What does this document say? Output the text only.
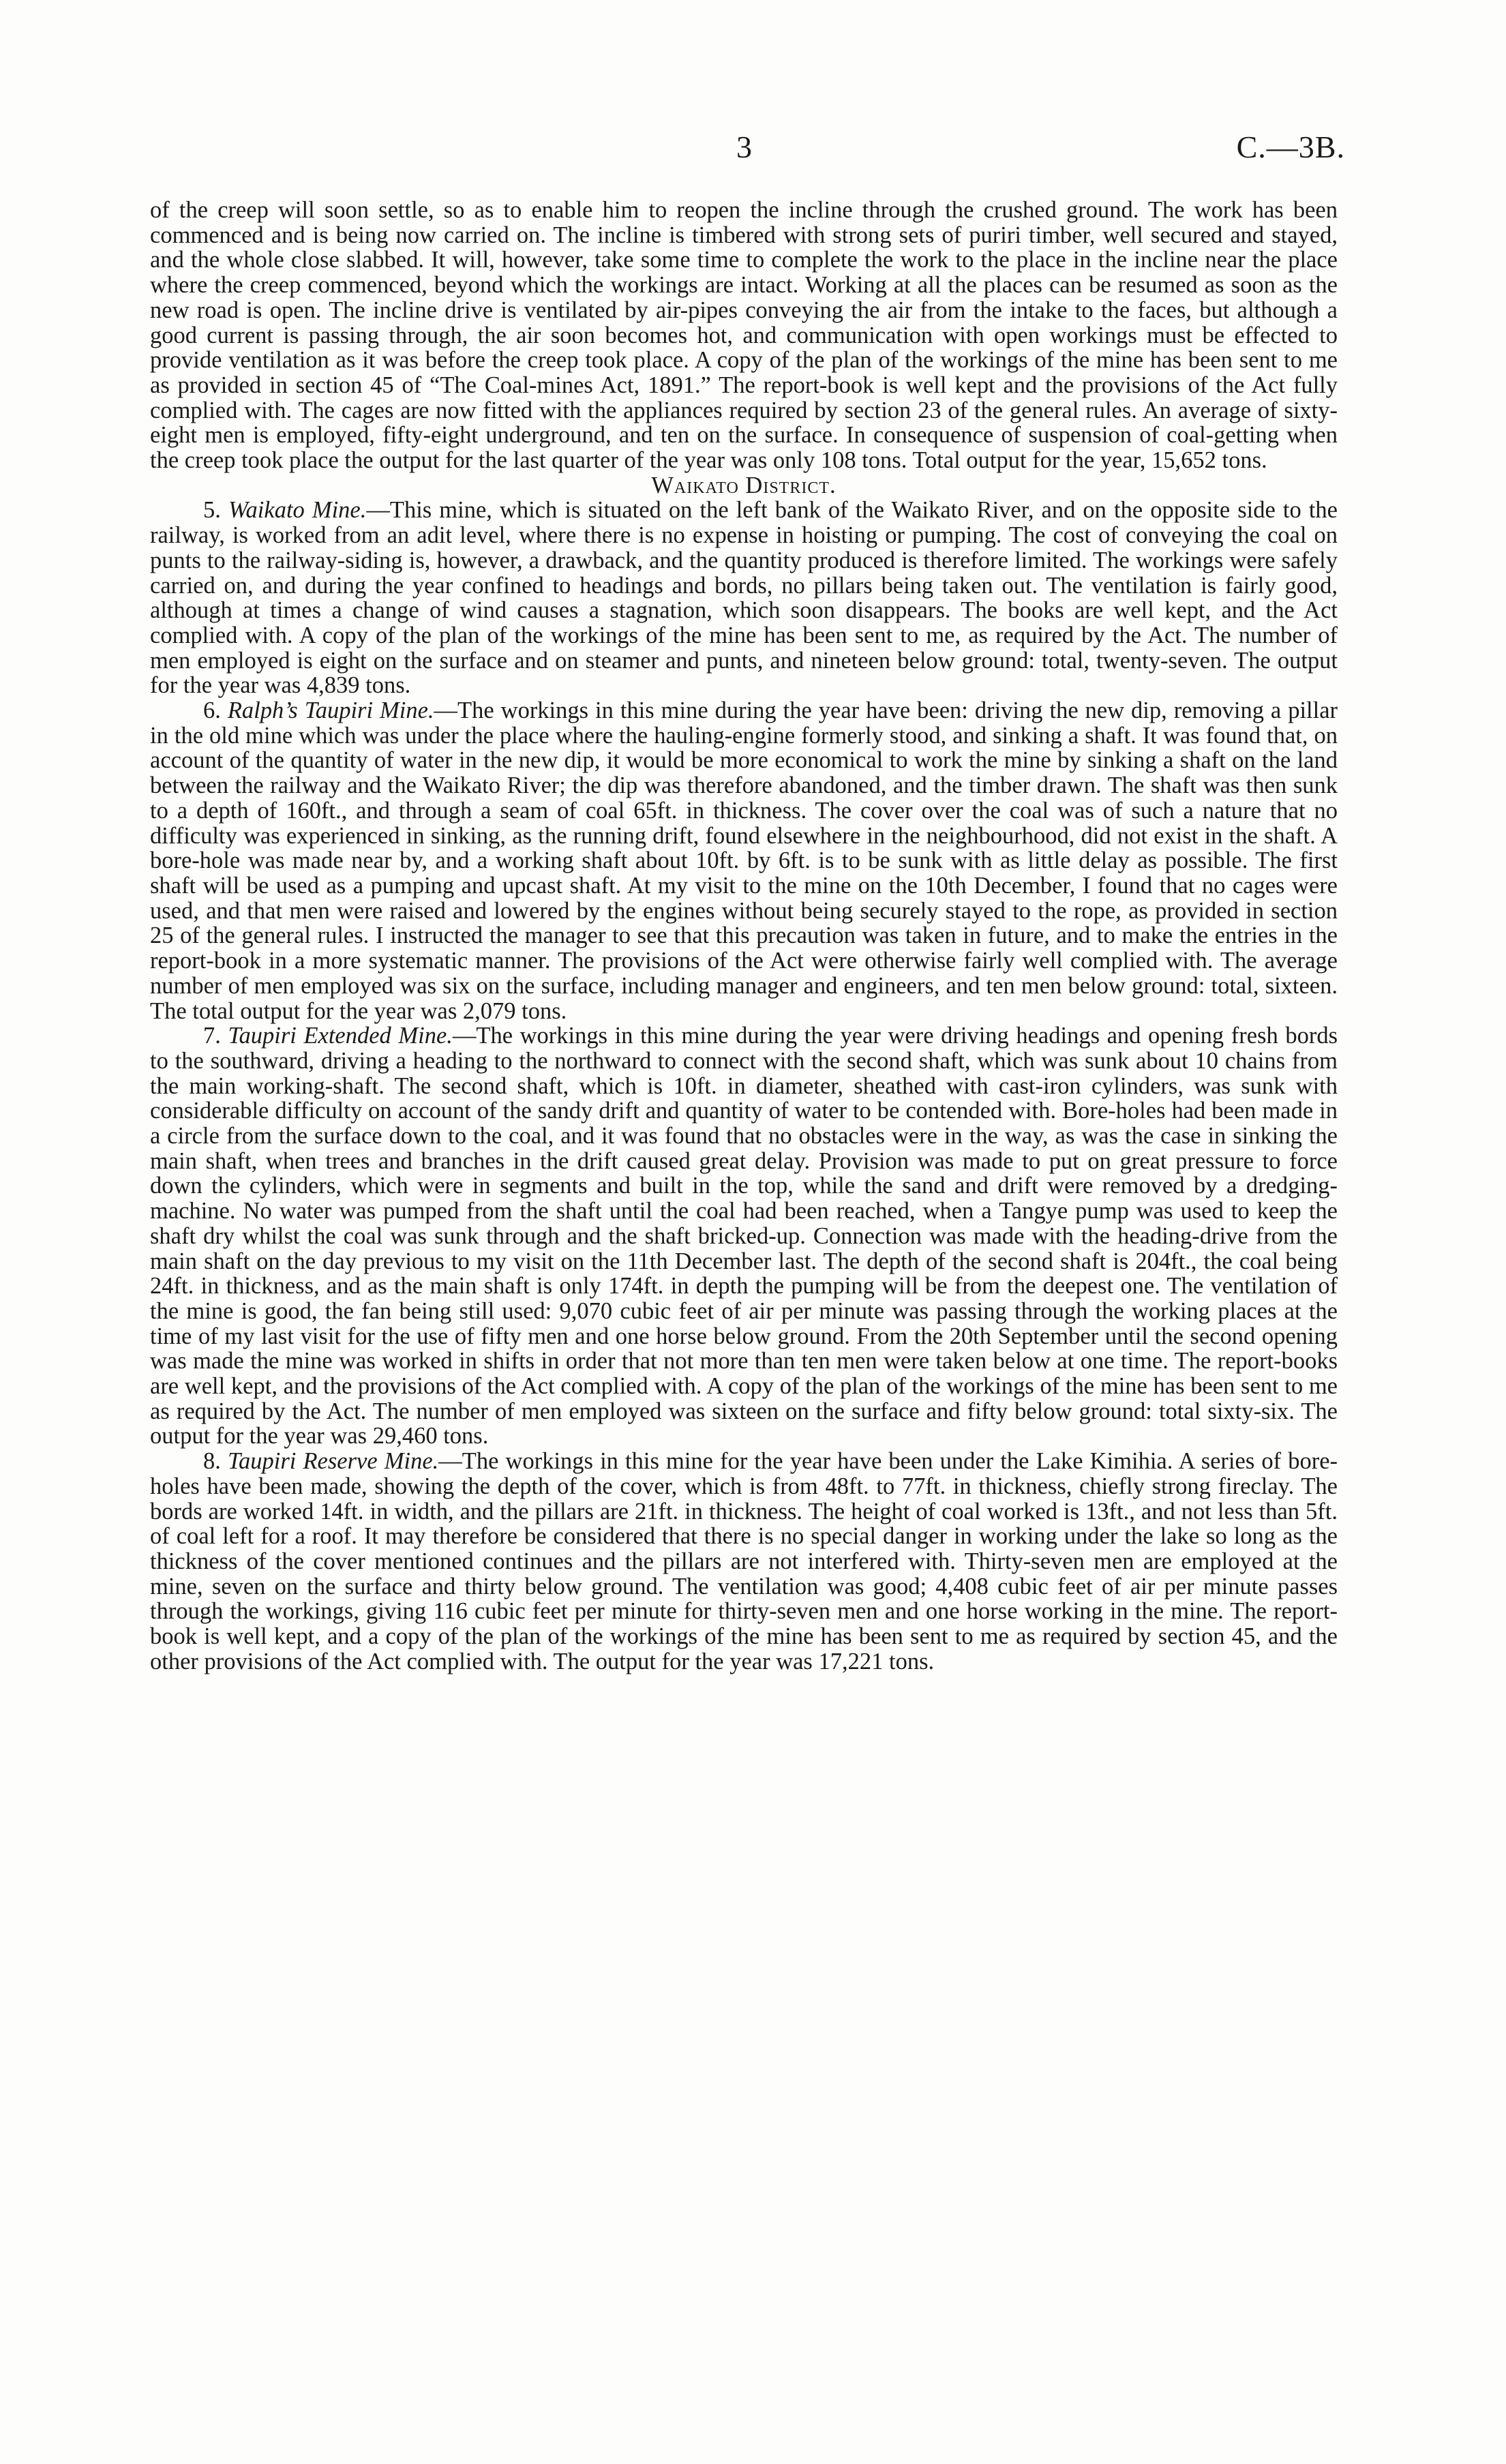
3	C.—3B.

of the creep will soon settle, so as to enable him to reopen the incline through the crushed ground. The work has been commenced and is being now carried on. The incline is timbered with strong sets of puriri timber, well secured and stayed, and the whole close slabbed. It will, however, take some time to complete the work to the place in the incline near the place where the creep commenced, beyond which the workings are intact. Working at all the places can be resumed as soon as the new road is open. The incline drive is ventilated by air-pipes conveying the air from the intake to the faces, but although a good current is passing through, the air soon becomes hot, and communication with open workings must be effected to provide ventilation as it was before the creep took place. A copy of the plan of the workings of the mine has been sent to me as provided in section 45 of “The Coal-mines Act, 1891.” The report-book is well kept and the provisions of the Act fully complied with. The cages are now fitted with the appliances required by section 23 of the general rules. An average of sixty-eight men is employed, fifty-eight underground, and ten on the surface. In consequence of suspension of coal-getting when the creep took place the output for the last quarter of the year was only 108 tons. Total output for the year, 15,652 tons.

Waikato District.

5. Waikato Mine.—This mine, which is situated on the left bank of the Waikato River, and on the opposite side to the railway, is worked from an adit level, where there is no expense in hoisting or pumping. The cost of conveying the coal on punts to the railway-siding is, however, a drawback, and the quantity produced is therefore limited. The workings were safely carried on, and during the year confined to headings and bords, no pillars being taken out. The ventilation is fairly good, although at times a change of wind causes a stagnation, which soon disappears. The books are well kept, and the Act complied with. A copy of the plan of the workings of the mine has been sent to me, as required by the Act. The number of men employed is eight on the surface and on steamer and punts, and nineteen below ground: total, twenty-seven. The output for the year was 4,839 tons.

6. Ralph’s Taupiri Mine.—The workings in this mine during the year have been: driving the new dip, removing a pillar in the old mine which was under the place where the hauling-engine formerly stood, and sinking a shaft. It was found that, on account of the quantity of water in the new dip, it would be more economical to work the mine by sinking a shaft on the land between the railway and the Waikato River; the dip was therefore abandoned, and the timber drawn. The shaft was then sunk to a depth of 160ft., and through a seam of coal 65ft. in thickness. The cover over the coal was of such a nature that no difficulty was experienced in sinking, as the running drift, found elsewhere in the neighbourhood, did not exist in the shaft. A bore-hole was made near by, and a working shaft about 10ft. by 6ft. is to be sunk with as little delay as possible. The first shaft will be used as a pumping and upcast shaft. At my visit to the mine on the 10th December, I found that no cages were used, and that men were raised and lowered by the engines without being securely stayed to the rope, as provided in section 25 of the general rules. I instructed the manager to see that this precaution was taken in future, and to make the entries in the report-book in a more systematic manner. The provisions of the Act were otherwise fairly well complied with. The average number of men employed was six on the surface, including manager and engineers, and ten men below ground: total, sixteen. The total output for the year was 2,079 tons.

7. Taupiri Extended Mine.—The workings in this mine during the year were driving headings and opening fresh bords to the southward, driving a heading to the northward to connect with the second shaft, which was sunk about 10 chains from the main working-shaft. The second shaft, which is 10ft. in diameter, sheathed with cast-iron cylinders, was sunk with considerable difficulty on account of the sandy drift and quantity of water to be contended with. Bore-holes had been made in a circle from the surface down to the coal, and it was found that no obstacles were in the way, as was the case in sinking the main shaft, when trees and branches in the drift caused great delay. Provision was made to put on great pressure to force down the cylinders, which were in segments and built in the top, while the sand and drift were removed by a dredging-machine. No water was pumped from the shaft until the coal had been reached, when a Tangye pump was used to keep the shaft dry whilst the coal was sunk through and the shaft bricked-up. Connection was made with the heading-drive from the main shaft on the day previous to my visit on the 11th December last. The depth of the second shaft is 204ft., the coal being 24ft. in thickness, and as the main shaft is only 174ft. in depth the pumping will be from the deepest one. The ventilation of the mine is good, the fan being still used: 9,070 cubic feet of air per minute was passing through the working places at the time of my last visit for the use of fifty men and one horse below ground. From the 20th September until the second opening was made the mine was worked in shifts in order that not more than ten men were taken below at one time. The report-books are well kept, and the provisions of the Act complied with. A copy of the plan of the workings of the mine has been sent to me as required by the Act. The number of men employed was sixteen on the surface and fifty below ground: total sixty-six. The output for the year was 29,460 tons.

8. Taupiri Reserve Mine.—The workings in this mine for the year have been under the Lake Kimihia. A series of bore-holes have been made, showing the depth of the cover, which is from 48ft. to 77ft. in thickness, chiefly strong fireclay. The bords are worked 14ft. in width, and the pillars are 21ft. in thickness. The height of coal worked is 13ft., and not less than 5ft. of coal left for a roof. It may therefore be considered that there is no special danger in working under the lake so long as the thickness of the cover mentioned continues and the pillars are not interfered with. Thirty-seven men are employed at the mine, seven on the surface and thirty below ground. The ventilation was good; 4,408 cubic feet of air per minute passes through the workings, giving 116 cubic feet per minute for thirty-seven men and one horse working in the mine. The report-book is well kept, and a copy of the plan of the workings of the mine has been sent to me as required by section 45, and the other provisions of the Act complied with. The output for the year was 17,221 tons.
